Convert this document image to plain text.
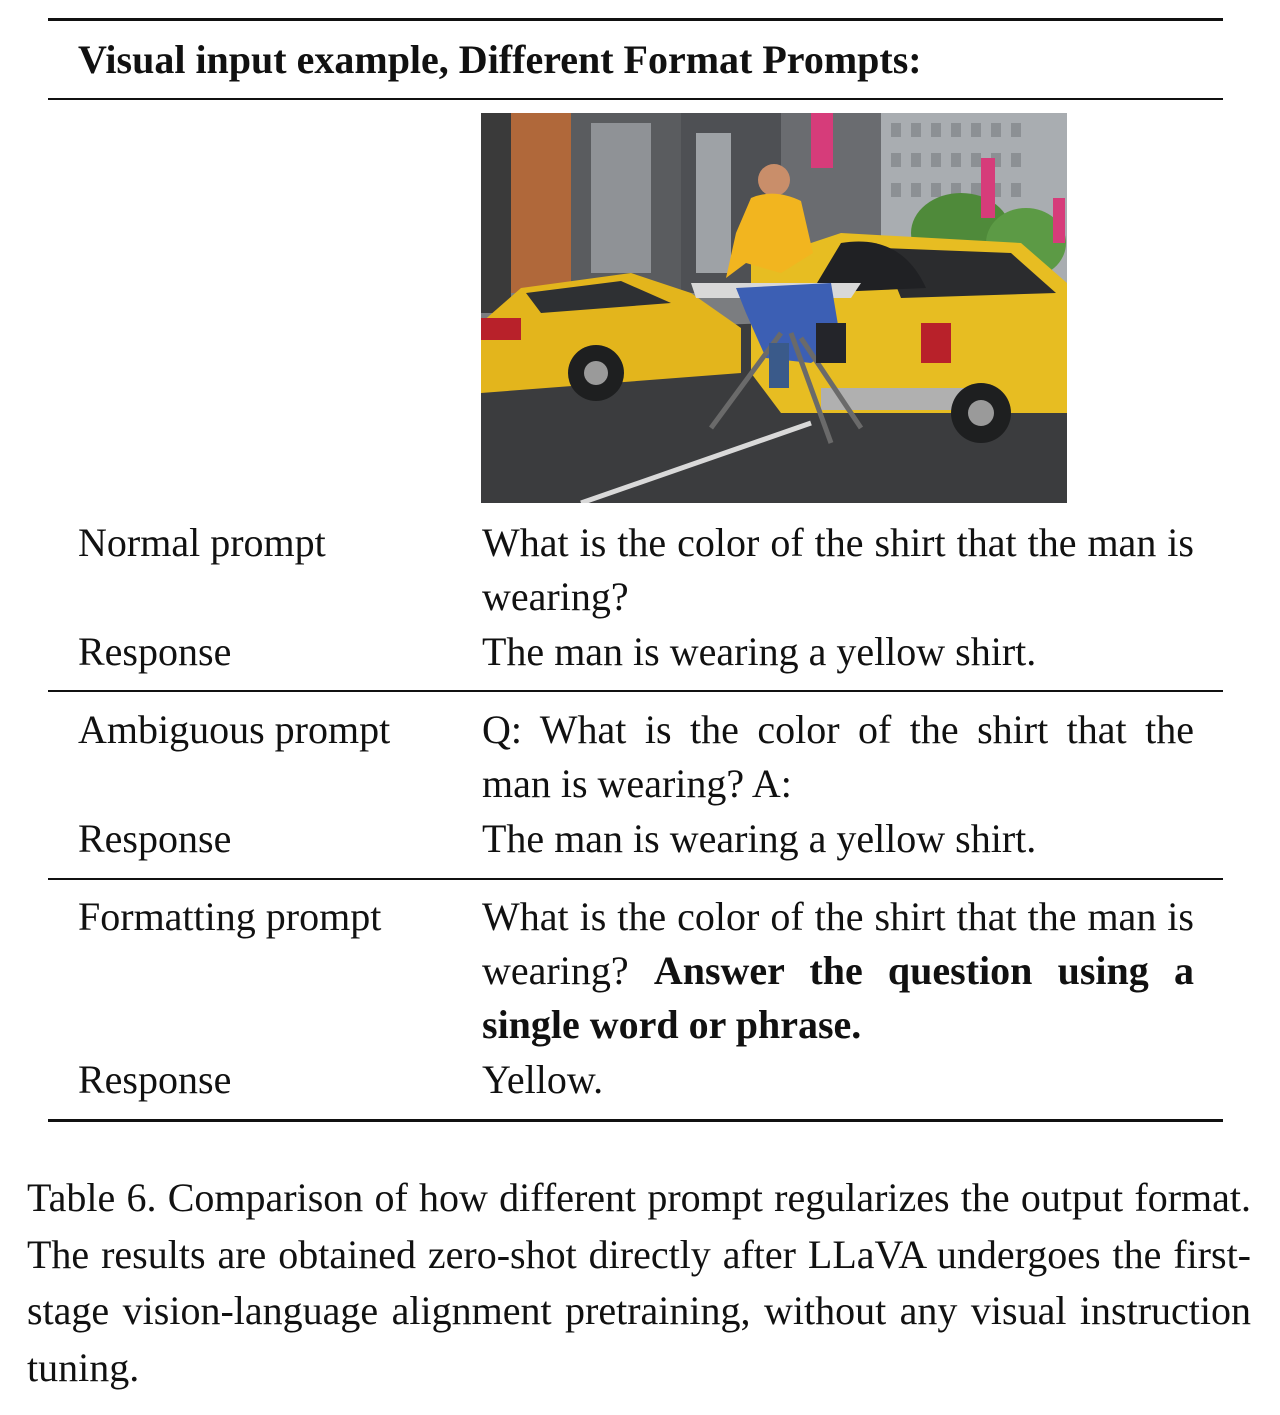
Visual input example, Different Format Prompts:
Normal prompt	What is the color of the shirt that the man is wearing?
Response	The man is wearing a yellow shirt.
Ambiguous prompt Q: What is the color of the shirt that the man is wearing? A:
Response	The man is wearing a yellow shirt.
Formatting prompt	What is the color of the shirt that the man is wearing? Answer the question using a single word or phrase.
Response	Yellow.
Table 6. Comparison of how different prompt regularizes the output format. The results are obtained zero-shot directly after LLaVA undergoes the first-stage vision-language alignment pretraining, without any visual instruction tuning.
